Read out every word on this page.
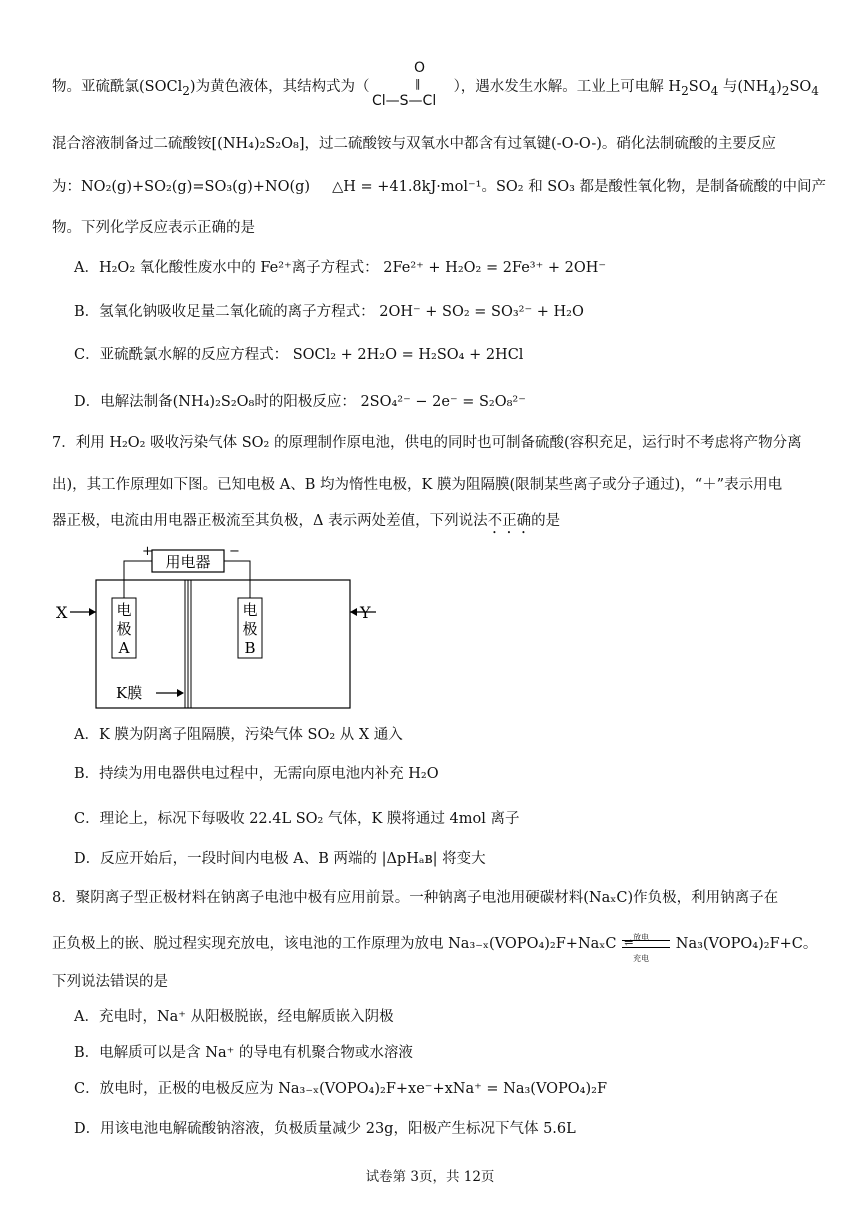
物。亚硫酰氯(SOCl$_2$)为黄色液体，其结构式为（	），遇水发生水解。工业上可电解 $H_2SO_4$ 与$(NH_4)_2SO_4$
O
‖
Cl—S—Cl
混合溶液制备过二硫酸铵[(NH₄)₂S₂O₈]，过二硫酸铵与双氧水中都含有过氧键(-O-O-)。硝化法制硫酸的主要反应
为：NO₂(g)+SO₂(g)=SO₃(g)+NO(g) △H = +41.8kJ·mol⁻¹。SO₂ 和 SO₃ 都是酸性氧化物，是制备硫酸的中间产
物。下列化学反应表示正确的是
A．H₂O₂ 氧化酸性废水中的 Fe²⁺离子方程式： 2Fe²⁺ + H₂O₂ = 2Fe³⁺ + 2OH⁻
B．氢氧化钠吸收足量二氧化硫的离子方程式： 2OH⁻ + SO₂ = SO₃²⁻ + H₂O
C．亚硫酰氯水解的反应方程式： SOCl₂ + 2H₂O = H₂SO₄ + 2HCl
D．电解法制备(NH₄)₂S₂O₈时的阳极反应： 2SO₄²⁻ − 2e⁻ = S₂O₈²⁻
7．利用 H₂O₂ 吸收污染气体 SO₂ 的原理制作原电池，供电的同时也可制备硫酸(容积充足，运行时不考虑将产物分离
出)，其工作原理如下图。已知电极 A、B 均为惰性电极，K 膜为阻隔膜(限制某些离子或分子通过)，“＋”表示用电
器正极，电流由用电器正极流至其负极，Δ 表示两处差值，下列说法不正确的是
用电器
+	−
电
极
A
电
极
B
X	Y
K膜
A．K 膜为阴离子阻隔膜，污染气体 SO₂ 从 X 通入
B．持续为用电器供电过程中，无需向原电池内补充 H₂O
C．理论上，标况下每吸收 22.4L SO₂ 气体，K 膜将通过 4mol 离子
D．反应开始后，一段时间内电极 A、B 两端的 |ΔpHₐʙ| 将变大
8．聚阴离子型正极材料在钠离子电池中极有应用前景。一种钠离子电池用硬碳材料(NaₓC)作负极，利用钠离子在
正负极上的嵌、脱过程实现充放电，该电池的工作原理为放电 Na₃₋ₓ(VOPO₄)₂F+NaₓC 放电
⇌
充电
Na₃(VOPO₄)₂F+C。
下列说法错误的是
A．充电时，Na⁺ 从阳极脱嵌，经电解质嵌入阴极
B．电解质可以是含 Na⁺ 的导电有机聚合物或水溶液
C．放电时，正极的电极反应为 Na₃₋ₓ(VOPO₄)₂F+xe⁻+xNa⁺ = Na₃(VOPO₄)₂F
D．用该电池电解硫酸钠溶液，负极质量减少 23g，阳极产生标况下气体 5.6L
试卷第 3页，共 12页
